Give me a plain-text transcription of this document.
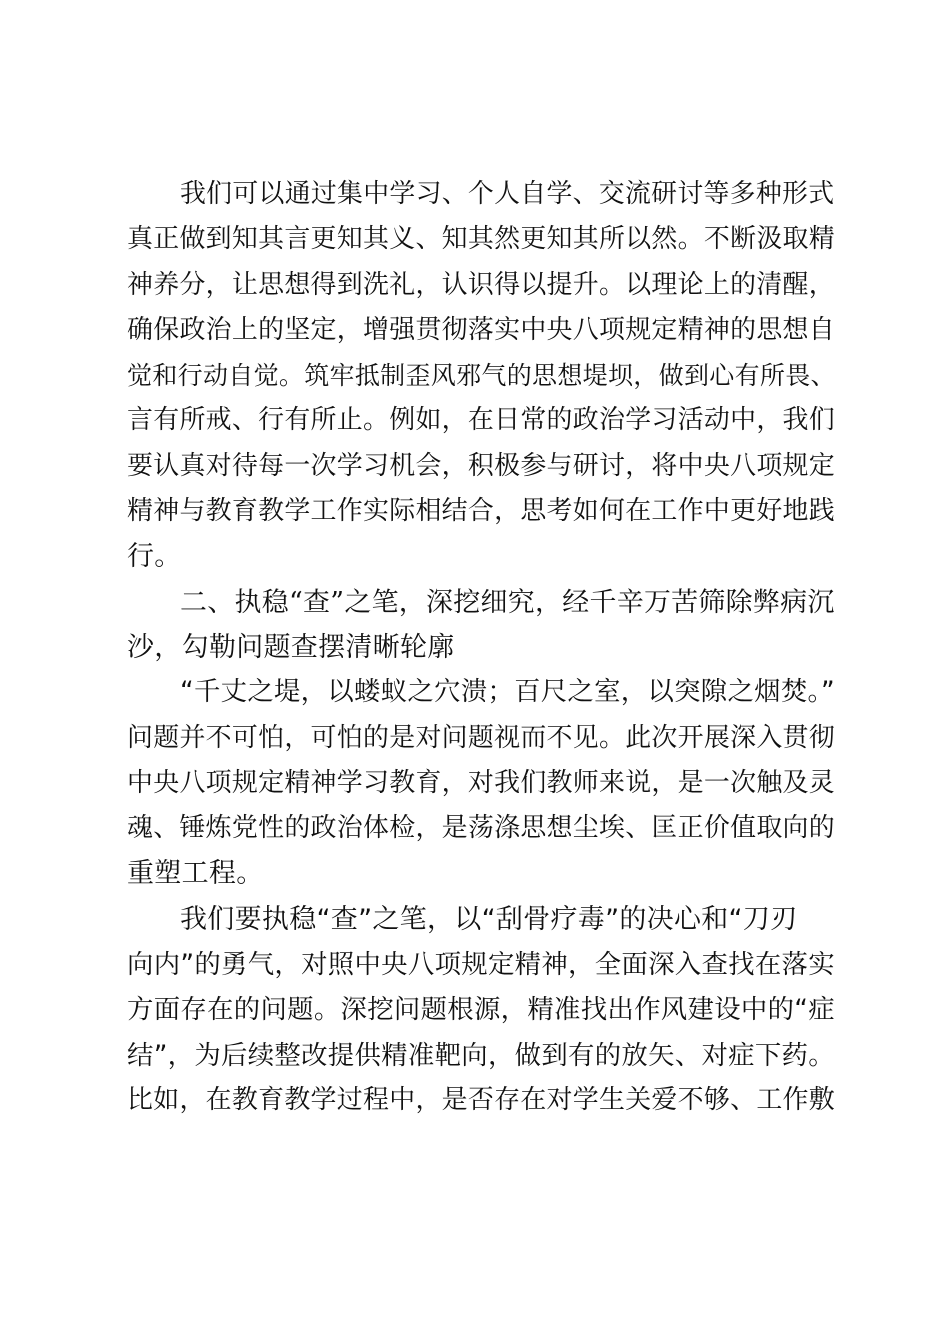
我们可以通过集中学习、个人自学、交流研讨等多种形式
真正做到知其言更知其义、知其然更知其所以然。不断汲取精
神养分，让思想得到洗礼，认识得以提升。以理论上的清醒，
确保政治上的坚定，增强贯彻落实中央八项规定精神的思想自
觉和行动自觉。筑牢抵制歪风邪气的思想堤坝，做到心有所畏、
言有所戒、行有所止。例如，在日常的政治学习活动中，我们
要认真对待每一次学习机会，积极参与研讨，将中央八项规定
精神与教育教学工作实际相结合，思考如何在工作中更好地践
行。
二、执稳“查”之笔，深挖细究，经千辛万苦筛除弊病沉
沙，勾勒问题查摆清晰轮廓
“千丈之堤，以蝼蚁之穴溃；百尺之室，以突隙之烟焚。”
问题并不可怕，可怕的是对问题视而不见。此次开展深入贯彻
中央八项规定精神学习教育，对我们教师来说，是一次触及灵
魂、锤炼党性的政治体检，是荡涤思想尘埃、匡正价值取向的
重塑工程。
我们要执稳“查”之笔，以“刮骨疗毒”的决心和“刀刃
向内”的勇气，对照中央八项规定精神，全面深入查找在落实
方面存在的问题。深挖问题根源，精准找出作风建设中的“症
结”，为后续整改提供精准靶向，做到有的放矢、对症下药。
比如，在教育教学过程中，是否存在对学生关爱不够、工作敷
